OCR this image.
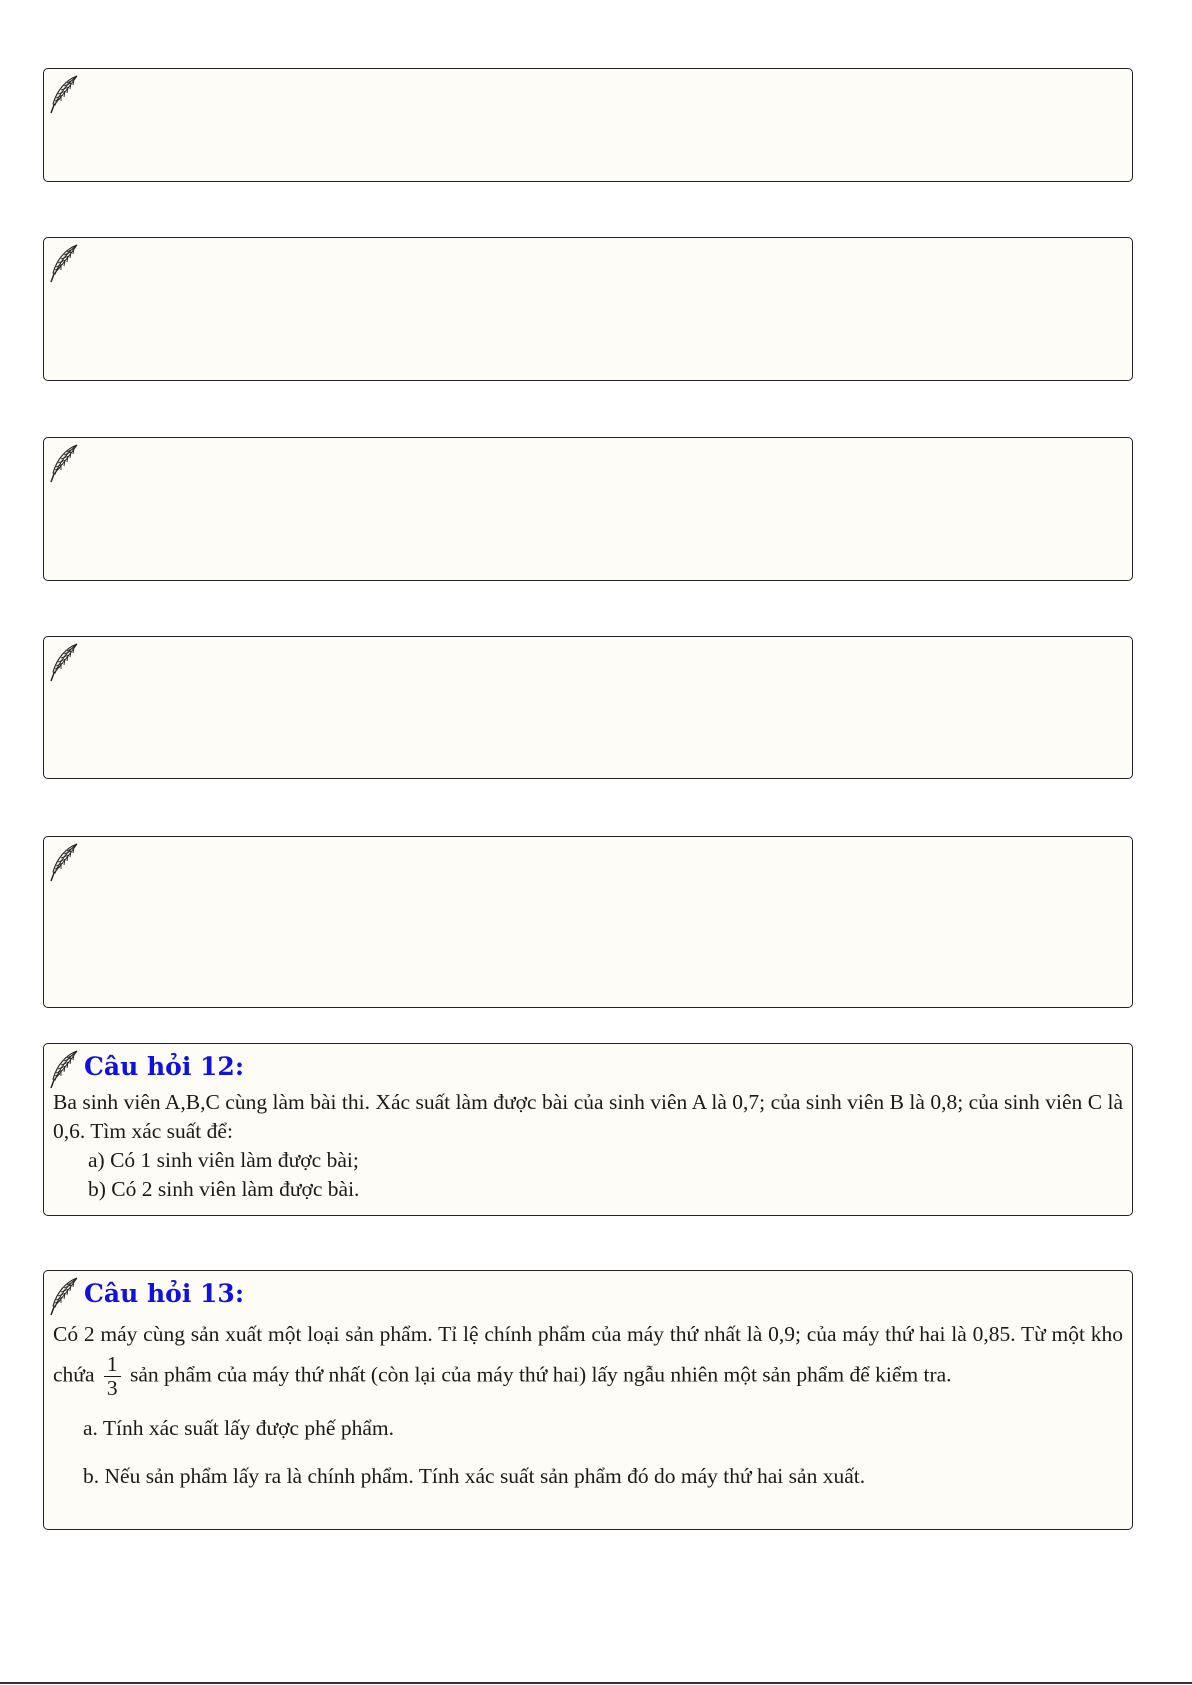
Câu hỏi 12:

Ba sinh viên A,B,C cùng làm bài thi. Xác suất làm được bài của sinh viên A là 0,7; của sinh viên B là 0,8; của sinh viên C là 0,6. Tìm xác suất để:

a) Có 1 sinh viên làm được bài;
b) Có 2 sinh viên làm được bài.
Câu hỏi 13:

Có 2 máy cùng sản xuất một loại sản phẩm. Tỉ lệ chính phẩm của máy thứ nhất là 0,9; của máy thứ hai là 0,85. Từ một kho chứa $\frac{1}{3}$ sản phẩm của máy thứ nhất (còn lại của máy thứ hai) lấy ngẫu nhiên một sản phẩm để kiểm tra.

a. Tính xác suất lấy được phế phẩm.
b. Nếu sản phẩm lấy ra là chính phẩm. Tính xác suất sản phẩm đó do máy thứ hai sản xuất.
